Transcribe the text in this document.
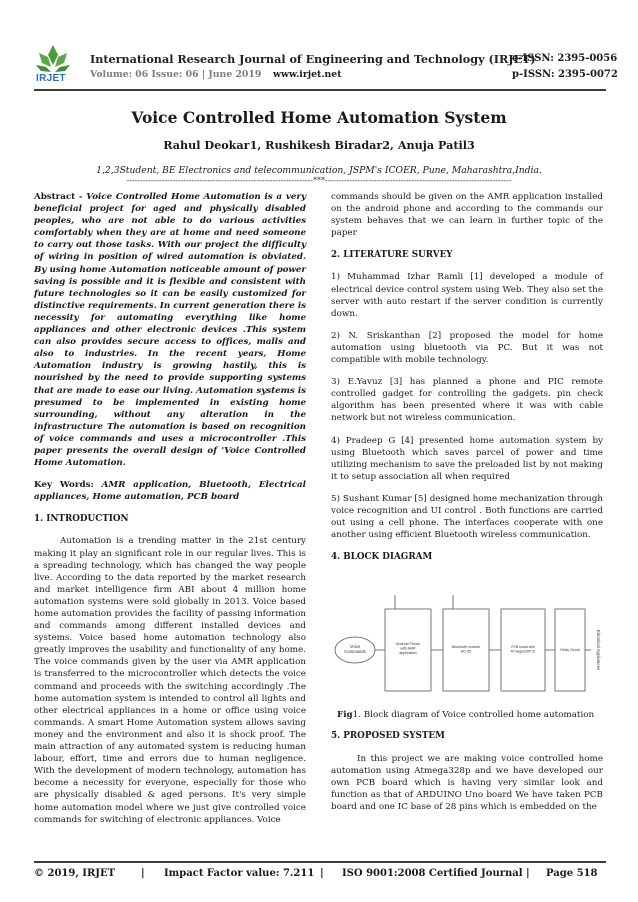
IRJET
International Research Journal of Engineering and Technology (IRJET)
e-ISSN: 2395-0056
Volume: 06 Issue: 06 | June 2019 www.irjet.net	p-ISSN: 2395-0072
Voice Controlled Home Automation System
Rahul Deokar1, Rushikesh Biradar2, Anuja Patil3
1,2,3Student, BE Electronics and telecommunication, JSPM's ICOER, Pune, Maharashtra,India.
---------------------------------------------------------------------***---------------------------------------------------------------------

Abstract - Voice Controlled Home Automation is a very beneficial project for aged and physically disabled peoples, who are not able to do various activities comfortably when they are at home and need someone to carry out those tasks. With our project the difficulty of wiring in position of wired automation is obviated. By using home Automation noticeable amount of power saving is possible and it is flexible and consistent with future technologies so it can be easily customized for distinctive requirements. In current generation there is necessity for automating everything like home appliances and other electronic devices .This system can also provides secure access to offices, malls and also to industries. In the recent years, Home Automation industry is growing hastily, this is nourished by the need to provide supporting systems that are made to ease our living. Automation systems is presumed to be implemented in existing home surrounding, without any alteration in the infrastructure The automation is based on recognition of voice commands and uses a microcontroller .This paper presents the overall design of 'Voice Controlled Home Automation.

Key Words: AMR application, Bluetooth, Electrical appliances, Home automation, PCB board

1. INTRODUCTION

Automation is a trending matter in the 21st century making it play an significant role in our regular lives. This is a spreading technology, which has changed the way people live. According to the data reported by the market research and market intelligence firm ABI about 4 million home automation systems were sold globally in 2013. Voice based home automation provides the facility of passing information and commands among different installed devices and systems. Voice based home automation technology also greatly improves the usability and functionality of any home. The voice commands given by the user via AMR application is transferred to the microcontroller which detects the voice command and proceeds with the switching accordingly .The home automation system is intended to control all lights and other electrical appliances in a home or office using voice commands. A smart Home Automation system allows saving money and the environment and also it is shock proof. The main attraction of any automated system is reducing human labour, effort, time and errors due to human negligence. With the development of modern technology, automation has become a necessity for everyone, especially for those who are physically disabled & aged persons. It's very simple home automation model where we just give controlled voice commands for switching of electronic appliances. Voice

commands should be given on the AMR application installed on the android phone and according to the commands our system behaves that we can learn in further topic of the paper

2. LITERATURE SURVEY

1) Muhammad Izhar Ramli [1] developed a module of electrical device control system using Web. They also set the server with auto restart if the server condition is currently down.

2) N. Sriskanthan [2] proposed the model for home automation using bluetooth via PC. But it was not compatible with mobile technology.

3) E.Yavuz [3] has planned a phone and PIC remote controlled gadget for controlling the gadgets. pin check algorithm has been presented where it was with cable network but not wireless communication.

4) Pradeep G [4] presented home automation system by using Bluetooth which saves parcel of power and time utilizing mechanism to save the preloaded list by not making it to setup association all when required

5) Sushant Kumar [5] designed home mechanization through voice recognition and UI control . Both functions are carried out using a cell phone. The interfaces cooperate with one another using efficient Bluetooth wireless communication.

4. BLOCK DIAGRAM
Voice Commands
Android Phone with AMR application
Bluetooth module HC-05
PCB board with ATmega328P IC	Relay Circuit	Electrical Appliances

Fig1. Block diagram of Voice controlled home automation

5. PROPOSED SYSTEM

In this project we are making voice controlled home automation using Atmega328p and we have developed our own PCB board which is having very similar look and function as that of ARDUINO Uno board We have taken PCB board and one IC base of 28 pins which is embedded on the

© 2019, IRJET	| Impact Factor value: 7.211 | ISO 9001:2008 Certified Journal | Page 518
